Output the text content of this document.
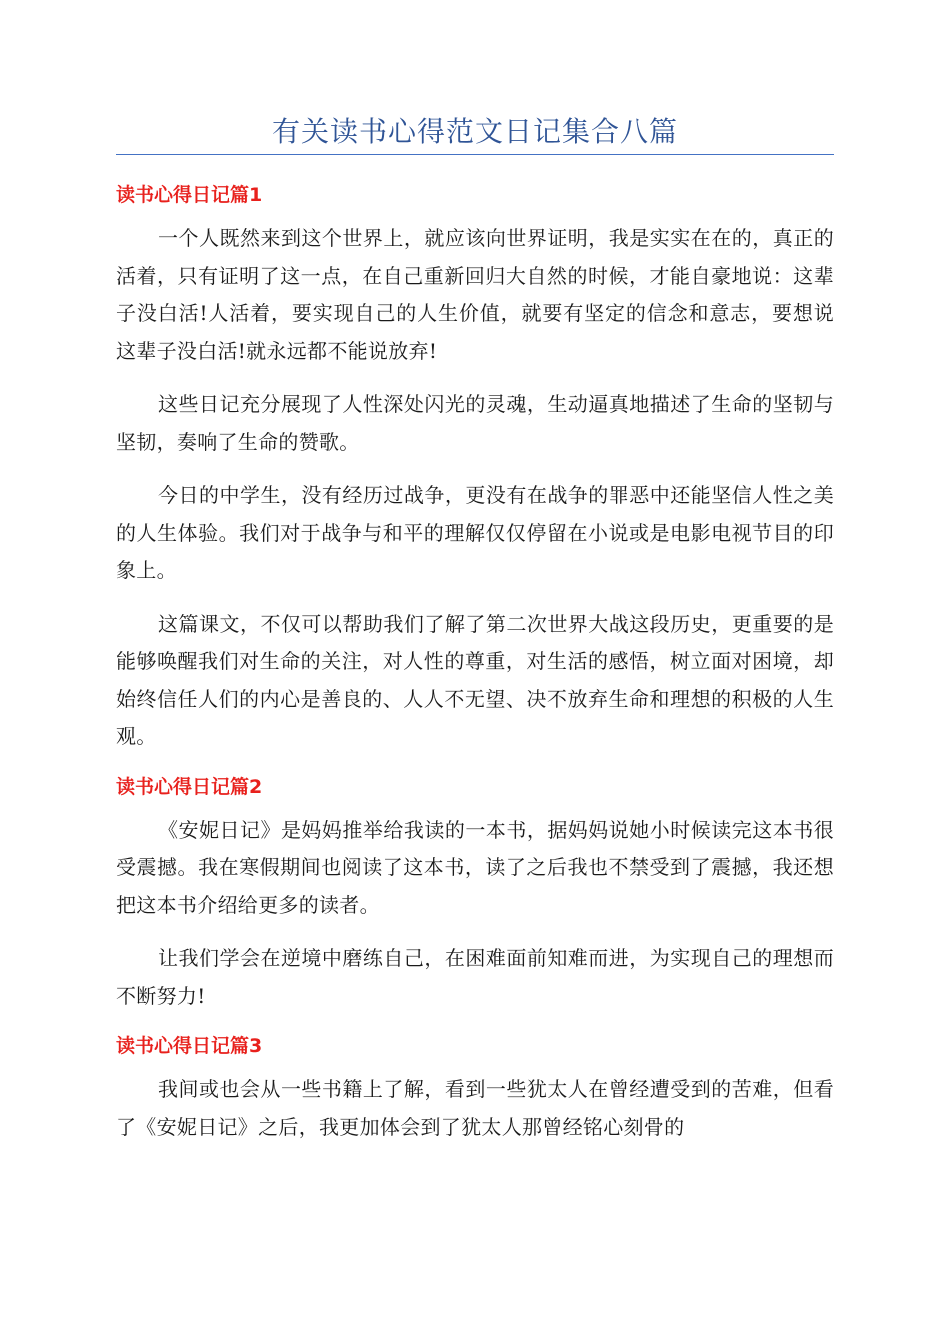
有关读书心得范文日记集合八篇
读书心得日记篇1

一个人既然来到这个世界上，就应该向世界证明，我是实实在在的，真正的活着，只有证明了这一点，在自己重新回归大自然的时候，才能自豪地说：这辈子没白活!人活着，要实现自己的人生价值，就要有坚定的信念和意志，要想说这辈子没白活!就永远都不能说放弃!

这些日记充分展现了人性深处闪光的灵魂，生动逼真地描述了生命的坚韧与坚韧，奏响了生命的赞歌。

今日的中学生，没有经历过战争，更没有在战争的罪恶中还能坚信人性之美的人生体验。我们对于战争与和平的理解仅仅停留在小说或是电影电视节目的印象上。

这篇课文，不仅可以帮助我们了解了第二次世界大战这段历史，更重要的是能够唤醒我们对生命的关注，对人性的尊重，对生活的感悟，树立面对困境，却始终信任人们的内心是善良的、人人不无望、决不放弃生命和理想的积极的人生观。

读书心得日记篇2

《安妮日记》是妈妈推举给我读的一本书，据妈妈说她小时候读完这本书很受震撼。我在寒假期间也阅读了这本书，读了之后我也不禁受到了震撼，我还想把这本书介绍给更多的读者。

让我们学会在逆境中磨练自己，在困难面前知难而进，为实现自己的理想而不断努力!

读书心得日记篇3

我间或也会从一些书籍上了解，看到一些犹太人在曾经遭受到的苦难，但看了《安妮日记》之后，我更加体会到了犹太人那曾经铭心刻骨的
